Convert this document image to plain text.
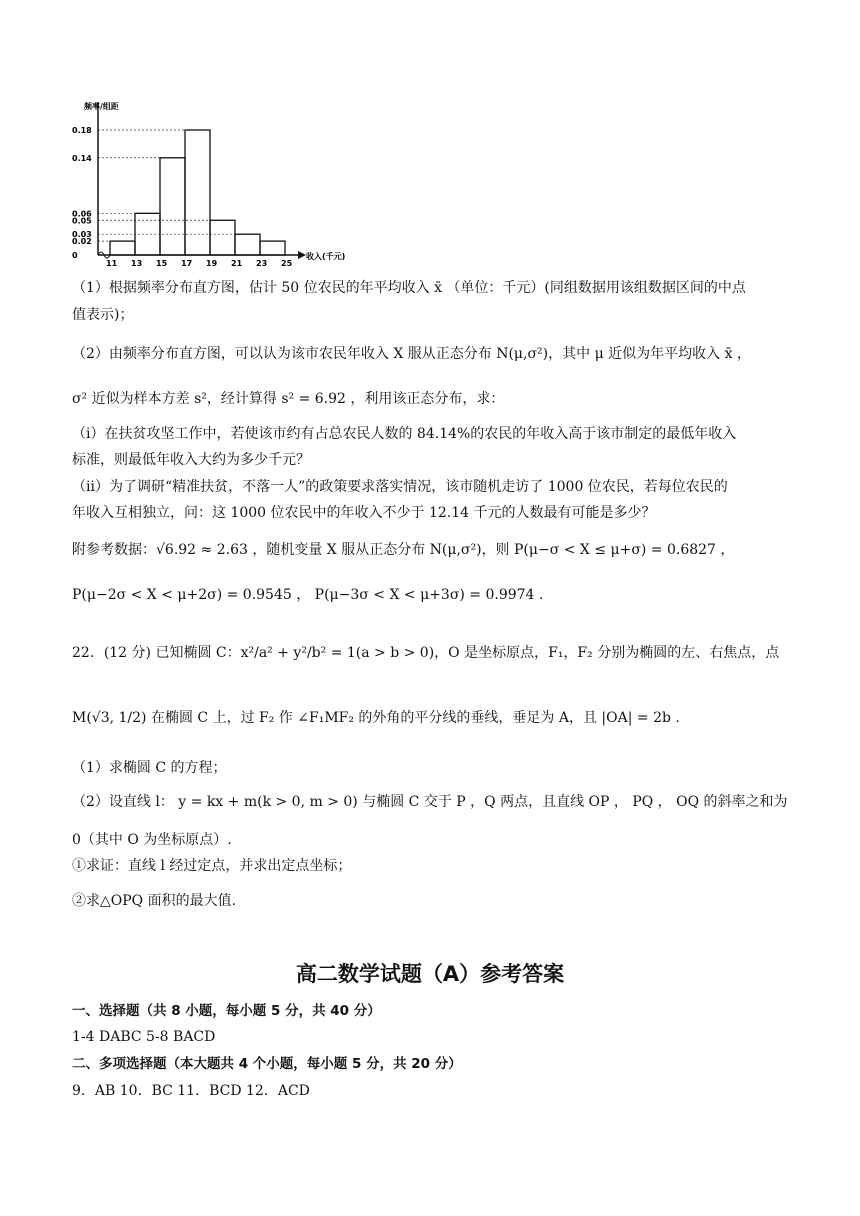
频率/组距
收入(千元)
0.18
0.14
0.06
0.05
0.03
0.02
0
11 13 15 17 19 21 23 25
（1）根据频率分布直方图，估计 50 位农民的年平均收入 x̄ （单位：千元）(同组数据用该组数据区间的中点
值表示)；
（2）由频率分布直方图，可以认为该市农民年收入 X 服从正态分布 N(μ,σ²)，其中 μ 近似为年平均收入 x̄ ，
σ² 近似为样本方差 s²，经计算得 s² = 6.92 ，利用该正态分布，求：
（ⅰ）在扶贫攻坚工作中，若使该市约有占总农民人数的 84.14%的农民的年收入高于该市制定的最低年收入
标准，则最低年收入大约为多少千元？
（ⅱ）为了调研“精准扶贫，不落一人”的政策要求落实情况，该市随机走访了 1000 位农民，若每位农民的
年收入互相独立，问：这 1000 位农民中的年收入不少于 12.14 千元的人数最有可能是多少？
附参考数据：√6.92 ≈ 2.63 ，随机变量 X 服从正态分布 N(μ,σ²)，则 P(μ−σ < X ≤ μ+σ) = 0.6827 ，
P(μ−2σ < X < μ+2σ) = 0.9545 ， P(μ−3σ < X < μ+3σ) = 0.9974 .
22．(12 分) 已知椭圆 C：x²/a² + y²/b² = 1(a > b > 0)，O 是坐标原点，F₁，F₂ 分别为椭圆的左、右焦点，点
M(√3, 1/2) 在椭圆 C 上，过 F₂ 作 ∠F₁MF₂ 的外角的平分线的垂线，垂足为 A，且 |OA| = 2b .
（1）求椭圆 C 的方程；
（2）设直线 l： y = kx + m(k > 0, m > 0) 与椭圆 C 交于 P ，Q 两点，且直线 OP ， PQ ， OQ 的斜率之和为
0（其中 O 为坐标原点）.
①求证：直线 l 经过定点，并求出定点坐标；
②求△OPQ 面积的最大值.
高二数学试题（A）参考答案
一、选择题（共 8 小题，每小题 5 分，共 40 分）
1-4 DABC 5-8 BACD
二、多项选择题（本大题共 4 个小题，每小题 5 分，共 20 分）
9．AB 10．BC 11．BCD 12．ACD
